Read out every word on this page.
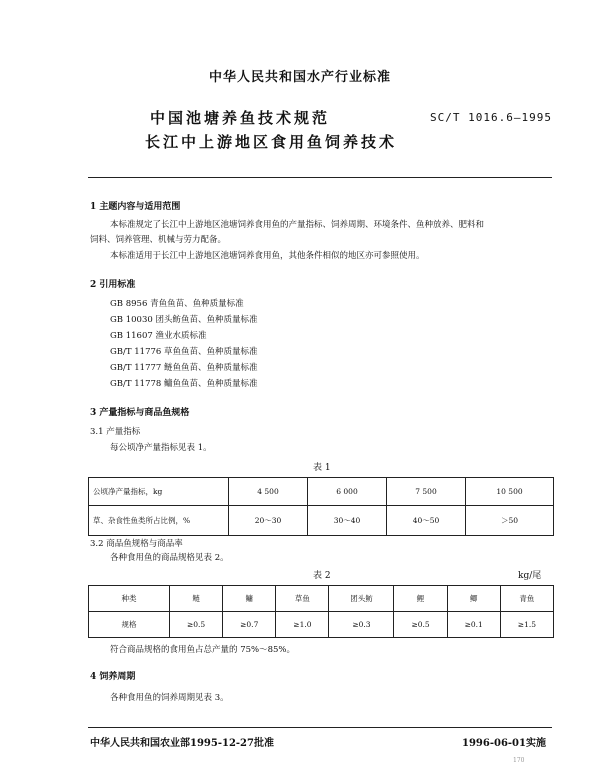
中华人民共和国水产行业标准
中国池塘养鱼技术规范
长江中上游地区食用鱼饲养技术
SC/T 1016.6—1995
1 主题内容与适用范围
本标准规定了长江中上游地区池塘饲养食用鱼的产量指标、饲养周期、环境条件、鱼种放养、肥料和
饲料、饲养管理、机械与劳力配备。
本标准适用于长江中上游地区池塘饲养食用鱼，其他条件相似的地区亦可参照使用。
2 引用标准
GB 8956 青鱼鱼苗、鱼种质量标准
GB 10030 团头鲂鱼苗、鱼种质量标准
GB 11607 渔业水质标准
GB/T 11776 草鱼鱼苗、鱼种质量标准
GB/T 11777 鲢鱼鱼苗、鱼种质量标准
GB/T 11778 鳙鱼鱼苗、鱼种质量标准
3 产量指标与商品鱼规格
3.1 产量指标
每公顷净产量指标见表 1。
表 1
公顷净产量指标，kg	4 500	6 000	7 500	10 500
草、杂食性鱼类所占比例，%	20～30	30～40	40～50	＞50
3.2 商品鱼规格与商品率
各种食用鱼的商品规格见表 2。
表 2	kg/尾
种类	鲢	鳙	草鱼	团头鲂	鲤	鲫	青鱼
规格	≥0.5	≥0.7	≥1.0	≥0.3	≥0.5	≥0.1	≥1.5
符合商品规格的食用鱼占总产量的 75%～85%。
4 饲养周期
各种食用鱼的饲养周期见表 3。
中华人民共和国农业部1995-12-27批准	1996-06-01实施
170
